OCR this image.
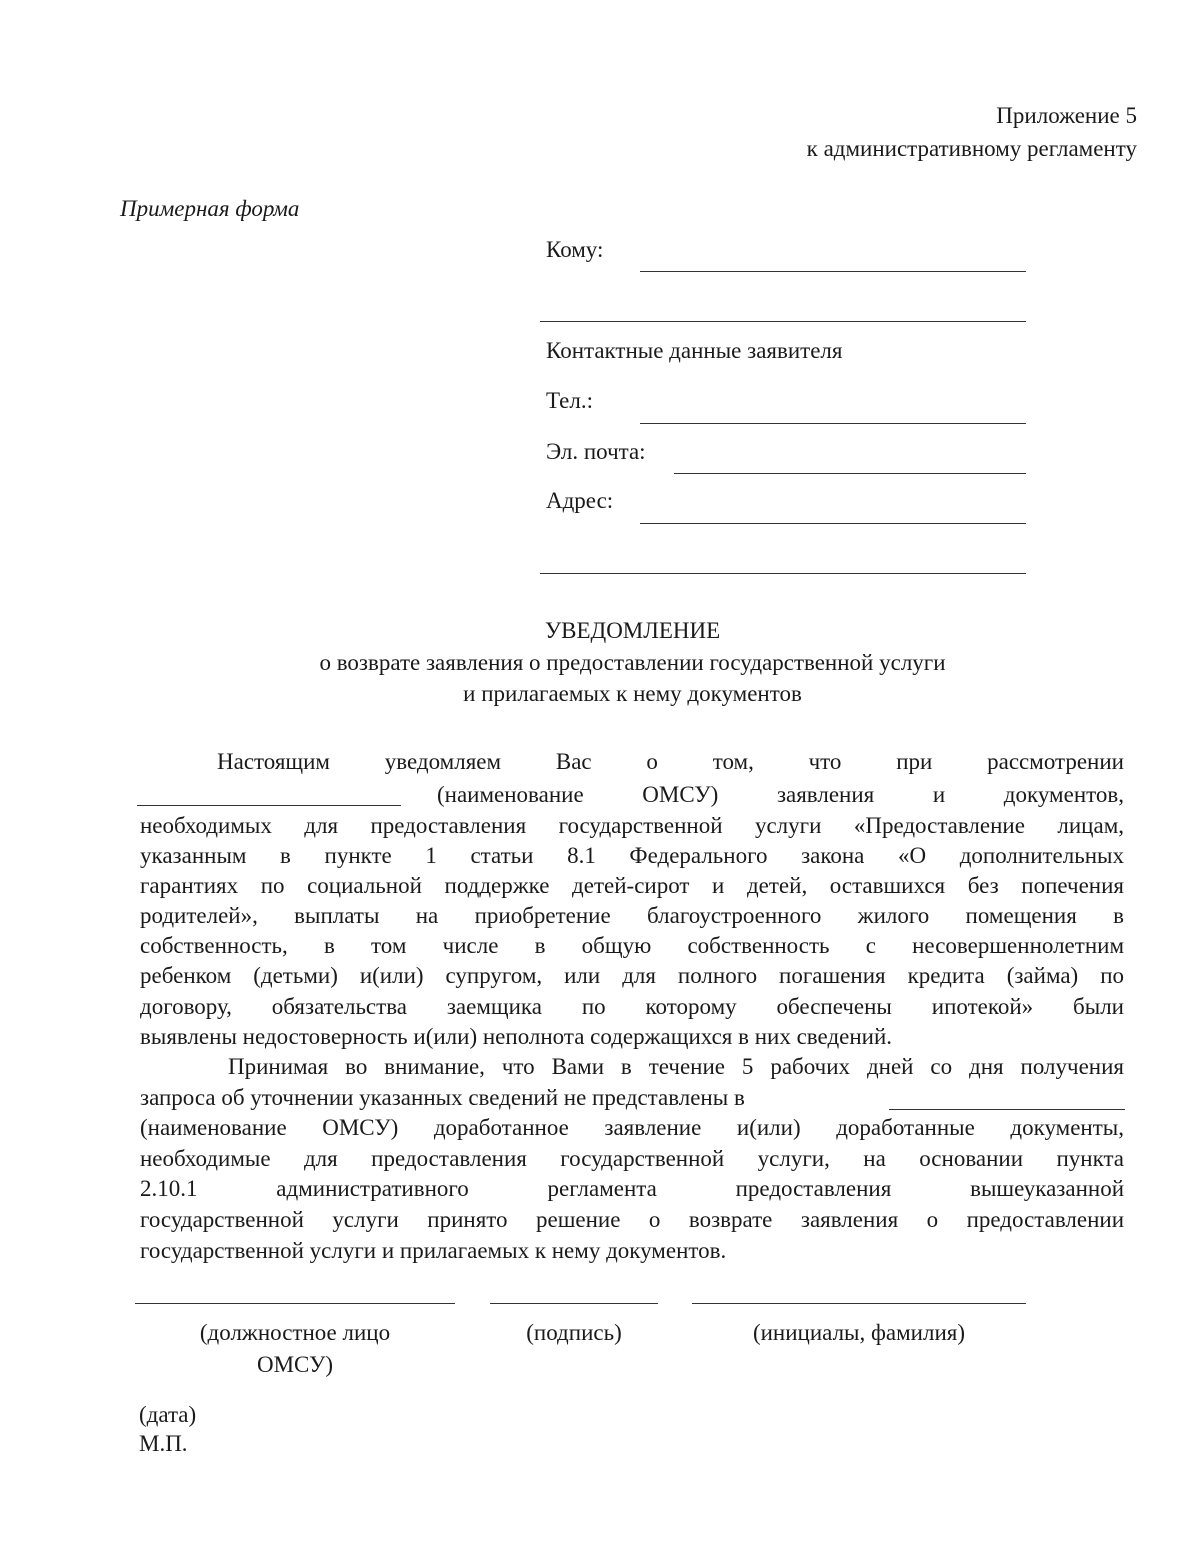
Приложение 5
к административному регламенту
Примерная форма
Кому:
Контактные данные заявителя
Тел.:
Эл. почта:
Адрес:
УВЕДОМЛЕНИЕ
о возврате заявления о предоставлении государственной услуги
и прилагаемых к нему документов
Настоящим уведомляем Вас о том, что при рассмотрении
(наименование ОМСУ) заявления и документов,
необходимых для предоставления государственной услуги «Предоставление лицам,
указанным в пункте 1 статьи 8.1 Федерального закона «О дополнительных
гарантиях по социальной поддержке детей-сирот и детей, оставшихся без попечения
родителей», выплаты на приобретение благоустроенного жилого помещения в
собственность, в том числе в общую собственность с несовершеннолетним
ребенком (детьми) и(или) супругом, или для полного погашения кредита (займа) по
договору, обязательства заемщика по которому обеспечены ипотекой» были
выявлены недостоверность и(или) неполнота содержащихся в них сведений.
Принимая во внимание, что Вами в течение 5 рабочих дней со дня получения
запроса об уточнении указанных сведений не представлены в
(наименование ОМСУ) доработанное заявление и(или) доработанные документы,
необходимые для предоставления государственной услуги, на основании пункта
2.10.1 административного регламента предоставления вышеуказанной
государственной услуги принято решение о возврате заявления о предоставлении
государственной услуги и прилагаемых к нему документов.
(должностное лицо
ОМСУ)
(подпись)	(инициалы, фамилия)
(дата)
М.П.
